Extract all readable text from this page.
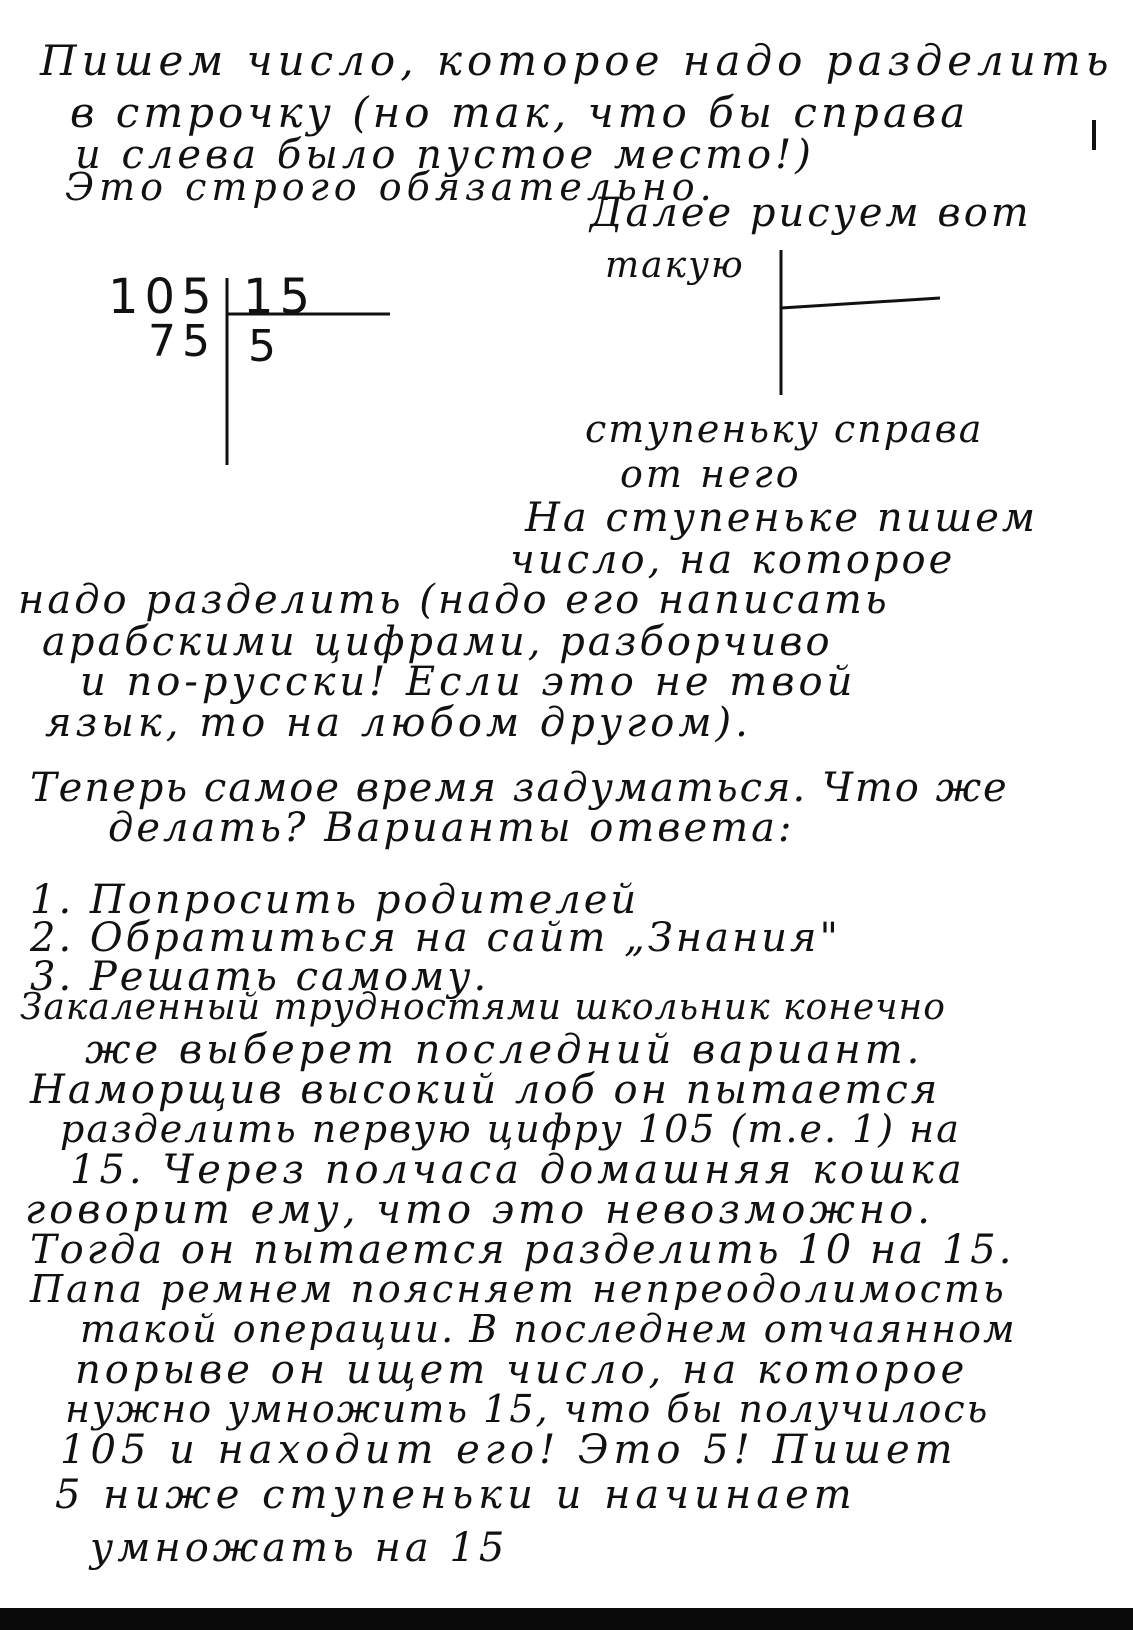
Пишем число, которое надо разделить
в строчку (но так, что бы справа
и слева было пустое место!)
Это строго обязательно.
Далее рисуем вот
такую
105 15
75 5
ступеньку справа
от него
На ступеньке пишем
число, на которое
надо разделить (надо его написать
арабскими цифрами, разборчиво
и по-русски! Если это не твой
язык, то на любом другом).
Теперь самое время задуматься. Что же
делать? Варианты ответа:
1. Попросить родителей
2. Обратиться на сайт „Знания"
3. Решать самому.
Закаленный трудностями школьник конечно
же выберет последний вариант.
Наморщив высокий лоб он пытается
разделить первую цифру 105 (т.е. 1) на
15. Через полчаса домашняя кошка
говорит ему, что это невозможно.
Тогда он пытается разделить 10 на 15.
Папа ремнем поясняет непреодолимость
такой операции. В последнем отчаянном
порыве он ищет число, на которое
нужно умножить 15, что бы получилось
105 и находит его! Это 5! Пишет
5 ниже ступеньки и начинает
умножать на 15
